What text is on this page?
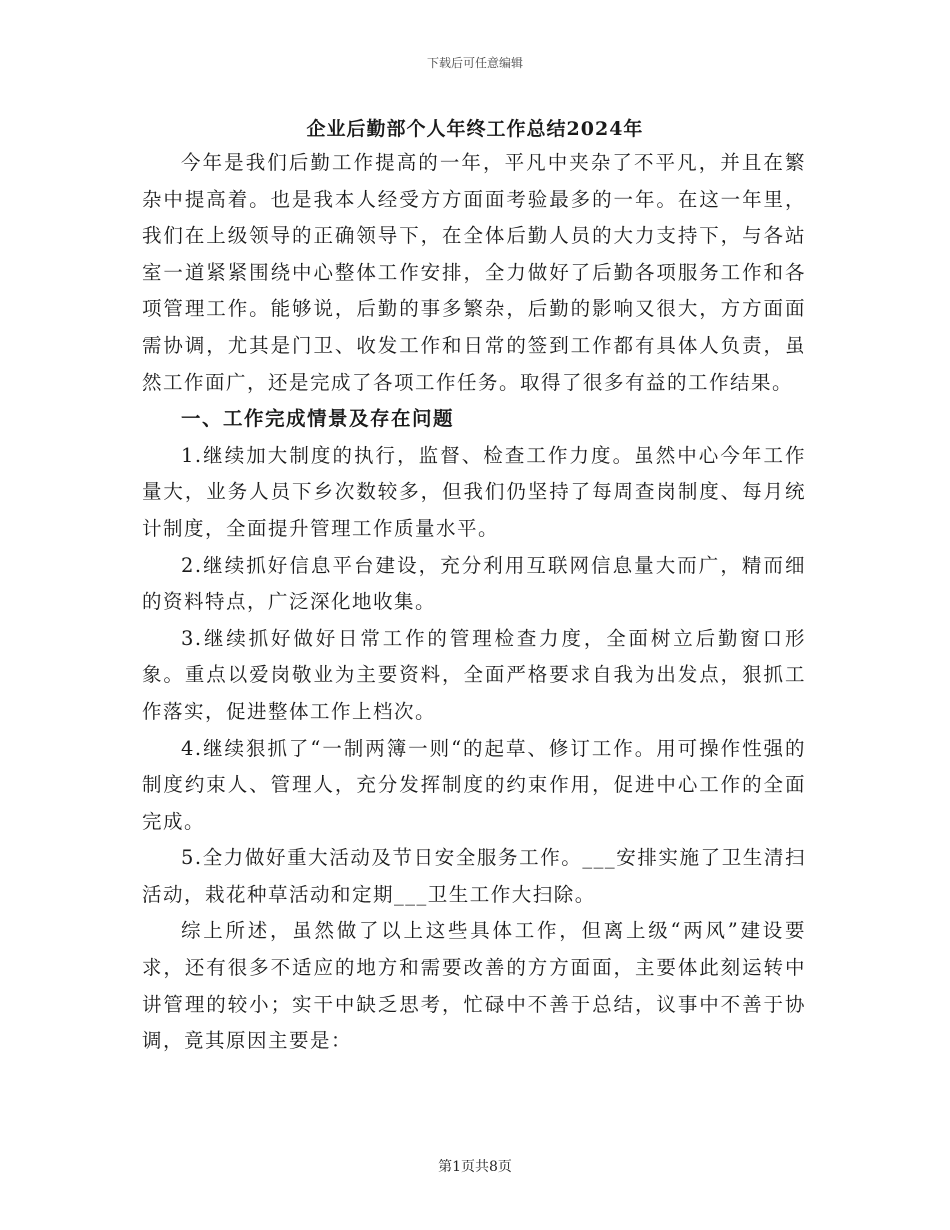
下载后可任意编辑
企业后勤部个人年终工作总结2024年

今年是我们后勤工作提高的一年，平凡中夹杂了不平凡，并且在繁杂中提高着。也是我本人经受方方面面考验最多的一年。在这一年里，我们在上级领导的正确领导下，在全体后勤人员的大力支持下，与各站室一道紧紧围绕中心整体工作安排，全力做好了后勤各项服务工作和各项管理工作。能够说，后勤的事多繁杂，后勤的影响又很大，方方面面需协调，尤其是门卫、收发工作和日常的签到工作都有具体人负责，虽然工作面广，还是完成了各项工作任务。取得了很多有益的工作结果。

一、工作完成情景及存在问题

1.继续加大制度的执行，监督、检查工作力度。虽然中心今年工作量大，业务人员下乡次数较多，但我们仍坚持了每周查岗制度、每月统计制度，全面提升管理工作质量水平。

2.继续抓好信息平台建设，充分利用互联网信息量大而广，精而细的资料特点，广泛深化地收集。

3.继续抓好做好日常工作的管理检查力度，全面树立后勤窗口形象。重点以爱岗敬业为主要资料，全面严格要求自我为出发点，狠抓工作落实，促进整体工作上档次。

4.继续狠抓了“一制两簿一则“的起草、修订工作。用可操作性强的制度约束人、管理人，充分发挥制度的约束作用，促进中心工作的全面完成。

5.全力做好重大活动及节日安全服务工作。___安排实施了卫生清扫活动，栽花种草活动和定期___卫生工作大扫除。

综上所述，虽然做了以上这些具体工作，但离上级“两风”建设要求，还有很多不适应的地方和需要改善的方方面面，主要体此刻运转中讲管理的较小；实干中缺乏思考，忙碌中不善于总结，议事中不善于协调，竟其原因主要是：

第1页共8页
